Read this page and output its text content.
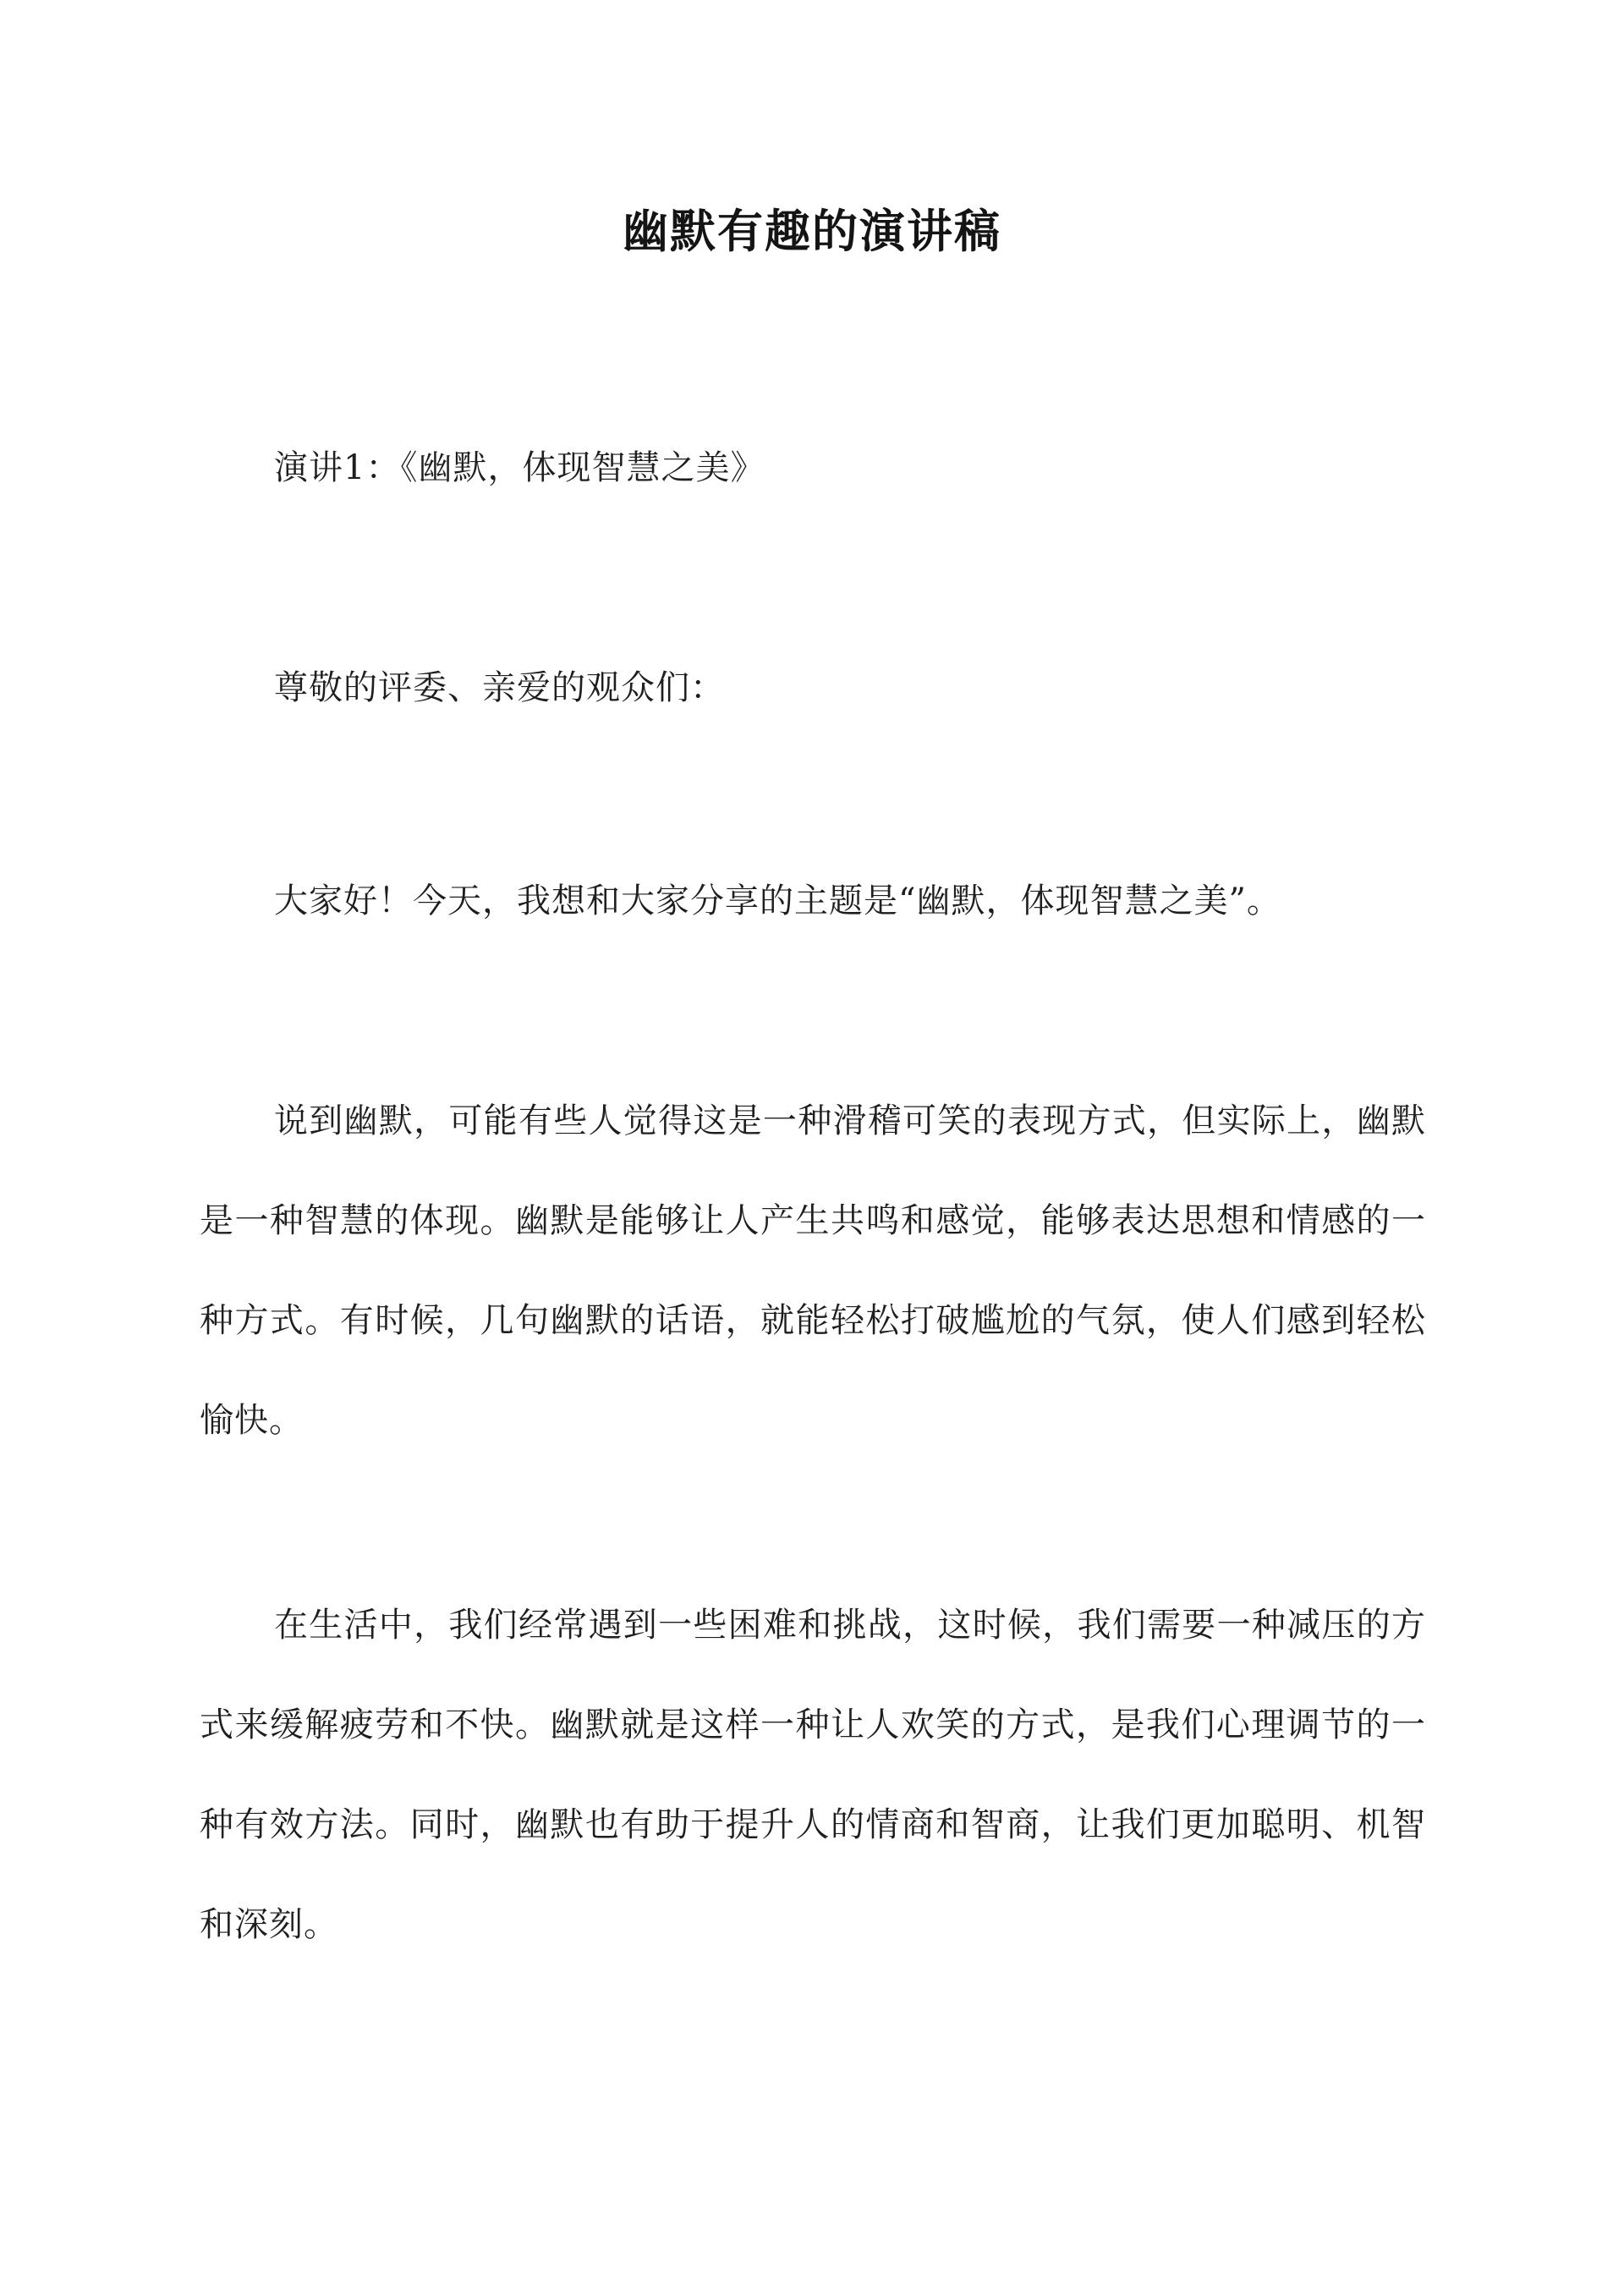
幽默有趣的演讲稿

演讲1：《幽默，体现智慧之美》

尊敬的评委、亲爱的观众们：

大家好！今天，我想和大家分享的主题是“幽默，体现智慧之美”。

说到幽默，可能有些人觉得这是一种滑稽可笑的表现方式，但实际上，幽默是一种智慧的体现。幽默是能够让人产生共鸣和感觉，能够表达思想和情感的一种方式。有时候，几句幽默的话语，就能轻松打破尴尬的气氛，使人们感到轻松愉快。

在生活中，我们经常遇到一些困难和挑战，这时候，我们需要一种减压的方式来缓解疲劳和不快。幽默就是这样一种让人欢笑的方式，是我们心理调节的一种有效方法。同时，幽默也有助于提升人的情商和智商，让我们更加聪明、机智和深刻。
